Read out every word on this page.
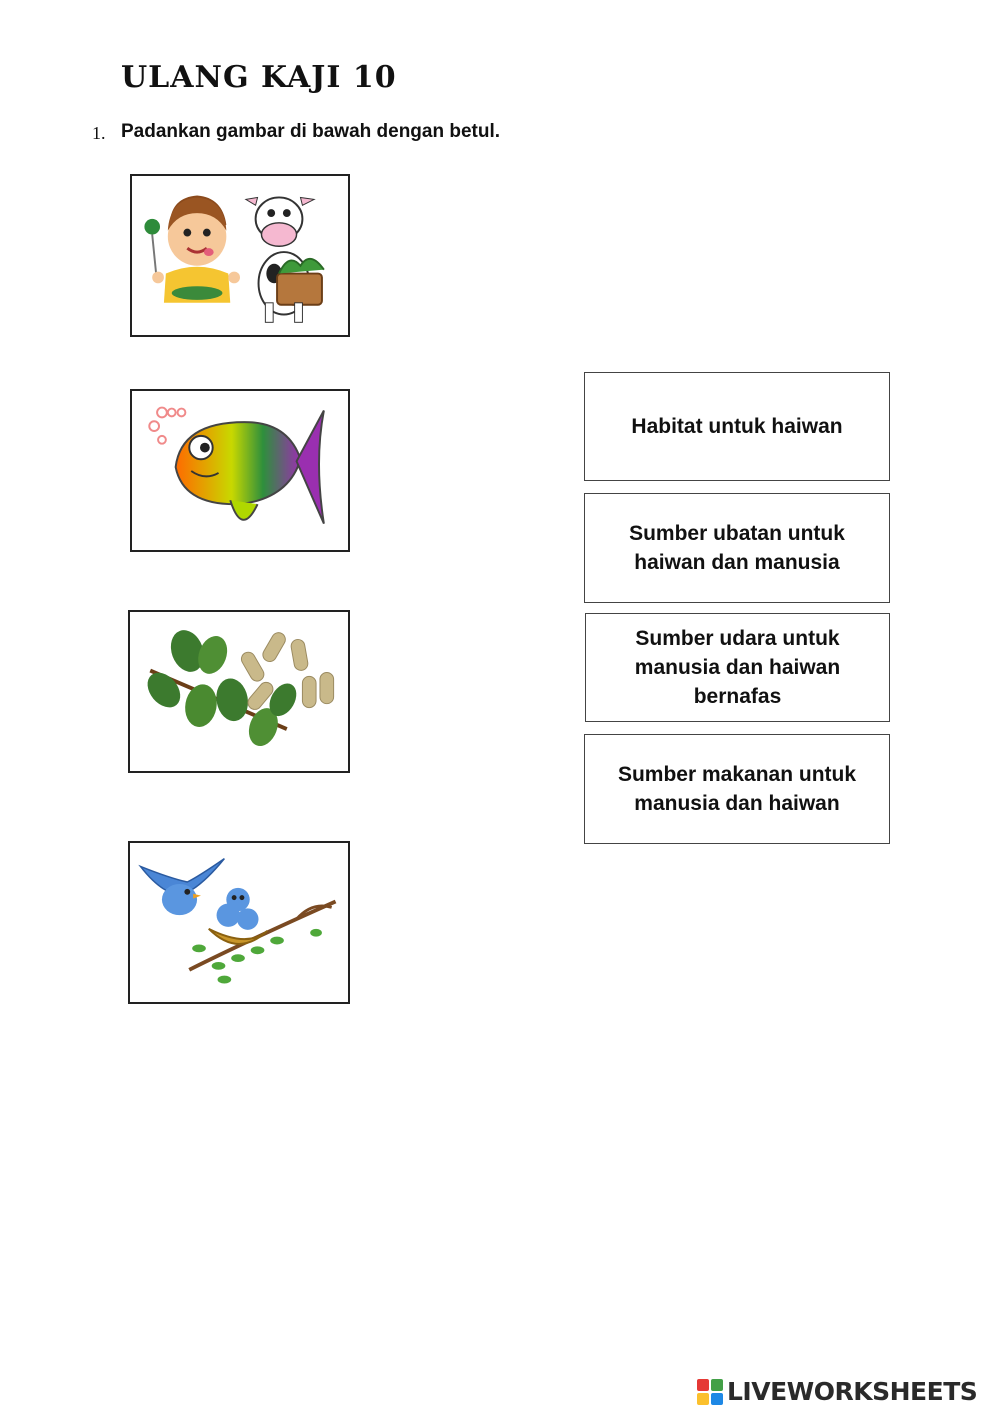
ULANG KAJI 10
1. Padankan gambar di bawah dengan betul.
Habitat untuk haiwan
Sumber ubatan untuk
haiwan dan manusia
Sumber udara untuk
manusia dan haiwan
bernafas
Sumber makanan untuk
manusia dan haiwan
LIVEWORKSHEETS
